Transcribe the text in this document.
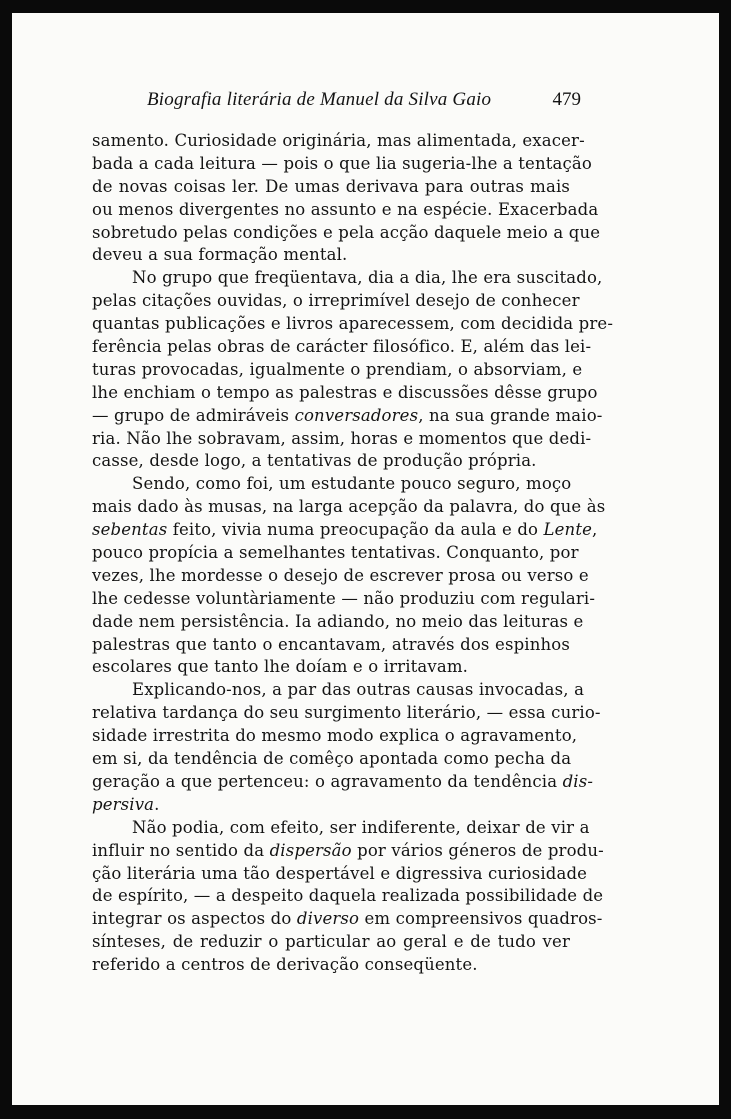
Biografia literária de Manuel da Silva Gaio	479
samento. Curiosidade originária, mas alimentada, exacer-
bada a cada leitura — pois o que lia sugeria-lhe a tentação
de novas coisas ler. De umas derivava para outras mais
ou menos divergentes no assunto e na espécie. Exacerbada
sobretudo pelas condições e pela acção daquele meio a que
deveu a sua formação mental.
No grupo que freqüentava, dia a dia, lhe era suscitado,
pelas citações ouvidas, o irreprimível desejo de conhecer
quantas publicações e livros aparecessem, com decidida pre-
ferência pelas obras de carácter filosófico. E, além das lei-
turas provocadas, igualmente o prendiam, o absorviam, e
lhe enchiam o tempo as palestras e discussões dêsse grupo
— grupo de admiráveis conversadores, na sua grande maio-
ria. Não lhe sobravam, assim, horas e momentos que dedi-
casse, desde logo, a tentativas de produção própria.
Sendo, como foi, um estudante pouco seguro, moço
mais dado às musas, na larga acepção da palavra, do que às
sebentas feito, vivia numa preocupação da aula e do Lente,
pouco propícia a semelhantes tentativas. Conquanto, por
vezes, lhe mordesse o desejo de escrever prosa ou verso e
lhe cedesse voluntàriamente — não produziu com regulari-
dade nem persistência. Ia adiando, no meio das leituras e
palestras que tanto o encantavam, através dos espinhos
escolares que tanto lhe doíam e o irritavam.
Explicando-nos, a par das outras causas invocadas, a
relativa tardança do seu surgimento literário, — essa curio-
sidade irrestrita do mesmo modo explica o agravamento,
em si, da tendência de comêço apontada como pecha da
geração a que pertenceu: o agravamento da tendência dis-
persiva.
Não podia, com efeito, ser indiferente, deixar de vir a
influir no sentido da dispersão por vários géneros de produ-
ção literária uma tão despertável e digressiva curiosidade
de espírito, — a despeito daquela realizada possibilidade de
integrar os aspectos do diverso em compreensivos quadros-
sínteses, de reduzir o particular ao geral e de tudo ver
referido a centros de derivação conseqüente.
